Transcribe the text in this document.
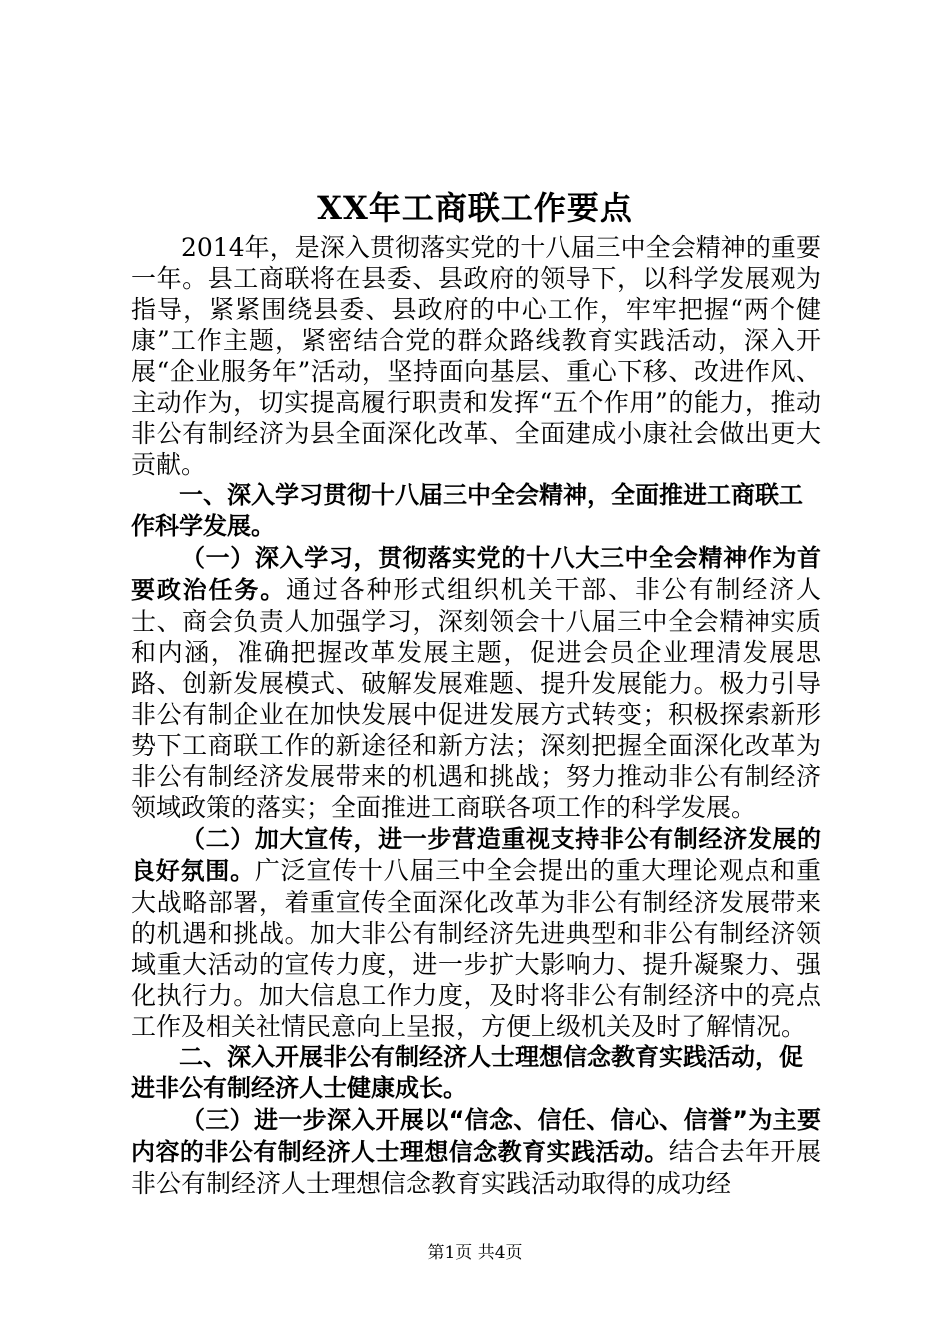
XX年工商联工作要点

2014年，是深入贯彻落实党的十八届三中全会精神的重要一年。县工商联将在县委、县政府的领导下，以科学发展观为指导，紧紧围绕县委、县政府的中心工作，牢牢把握“两个健康”工作主题，紧密结合党的群众路线教育实践活动，深入开展“企业服务年”活动，坚持面向基层、重心下移、改进作风、主动作为，切实提高履行职责和发挥“五个作用”的能力，推动非公有制经济为县全面深化改革、全面建成小康社会做出更大贡献。

一、深入学习贯彻十八届三中全会精神，全面推进工商联工作科学发展。

（一）深入学习，贯彻落实党的十八大三中全会精神作为首要政治任务。通过各种形式组织机关干部、非公有制经济人士、商会负责人加强学习，深刻领会十八届三中全会精神实质和内涵，准确把握改革发展主题，促进会员企业理清发展思路、创新发展模式、破解发展难题、提升发展能力。极力引导非公有制企业在加快发展中促进发展方式转变；积极探索新形势下工商联工作的新途径和新方法；深刻把握全面深化改革为非公有制经济发展带来的机遇和挑战；努力推动非公有制经济领域政策的落实；全面推进工商联各项工作的科学发展。

（二）加大宣传，进一步营造重视支持非公有制经济发展的良好氛围。广泛宣传十八届三中全会提出的重大理论观点和重大战略部署，着重宣传全面深化改革为非公有制经济发展带来的机遇和挑战。加大非公有制经济先进典型和非公有制经济领域重大活动的宣传力度，进一步扩大影响力、提升凝聚力、强化执行力。加大信息工作力度，及时将非公有制经济中的亮点工作及相关社情民意向上呈报，方便上级机关及时了解情况。

二、深入开展非公有制经济人士理想信念教育实践活动，促进非公有制经济人士健康成长。

（三）进一步深入开展以“信念、信任、信心、信誉”为主要内容的非公有制经济人士理想信念教育实践活动。结合去年开展非公有制经济人士理想信念教育实践活动取得的成功经

第1页 共4页
